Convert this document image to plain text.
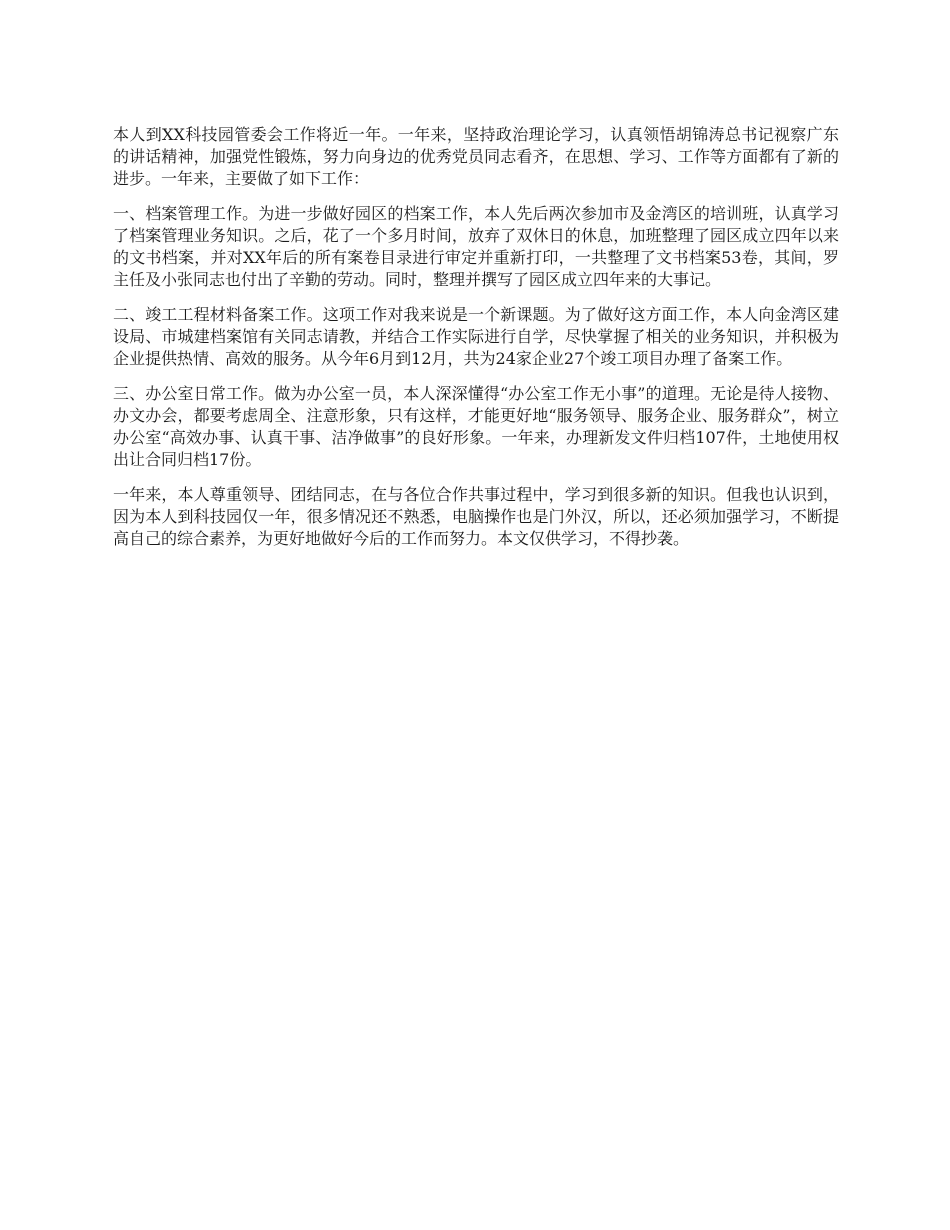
本人到XX科技园管委会工作将近一年。一年来，坚持政治理论学习，认真领悟胡锦涛总书记视察广东的讲话精神，加强党性锻炼，努力向身边的优秀党员同志看齐，在思想、学习、工作等方面都有了新的进步。一年来，主要做了如下工作：

一、档案管理工作。为进一步做好园区的档案工作，本人先后两次参加市及金湾区的培训班，认真学习了档案管理业务知识。之后，花了一个多月时间，放弃了双休日的休息，加班整理了园区成立四年以来的文书档案，并对XX年后的所有案卷目录进行审定并重新打印，一共整理了文书档案53卷，其间，罗主任及小张同志也付出了辛勤的劳动。同时，整理并撰写了园区成立四年来的大事记。

二、竣工工程材料备案工作。这项工作对我来说是一个新课题。为了做好这方面工作，本人向金湾区建设局、市城建档案馆有关同志请教，并结合工作实际进行自学，尽快掌握了相关的业务知识，并积极为企业提供热情、高效的服务。从今年6月到12月，共为24家企业27个竣工项目办理了备案工作。

三、办公室日常工作。做为办公室一员，本人深深懂得“办公室工作无小事”的道理。无论是待人接物、办文办会，都要考虑周全、注意形象，只有这样，才能更好地“服务领导、服务企业、服务群众”，树立办公室“高效办事、认真干事、洁净做事”的良好形象。一年来，办理新发文件归档107件，土地使用权出让合同归档17份。

一年来，本人尊重领导、团结同志，在与各位合作共事过程中，学习到很多新的知识。但我也认识到，因为本人到科技园仅一年，很多情况还不熟悉，电脑操作也是门外汉，所以，还必须加强学习，不断提高自己的综合素养，为更好地做好今后的工作而努力。本文仅供学习，不得抄袭。
